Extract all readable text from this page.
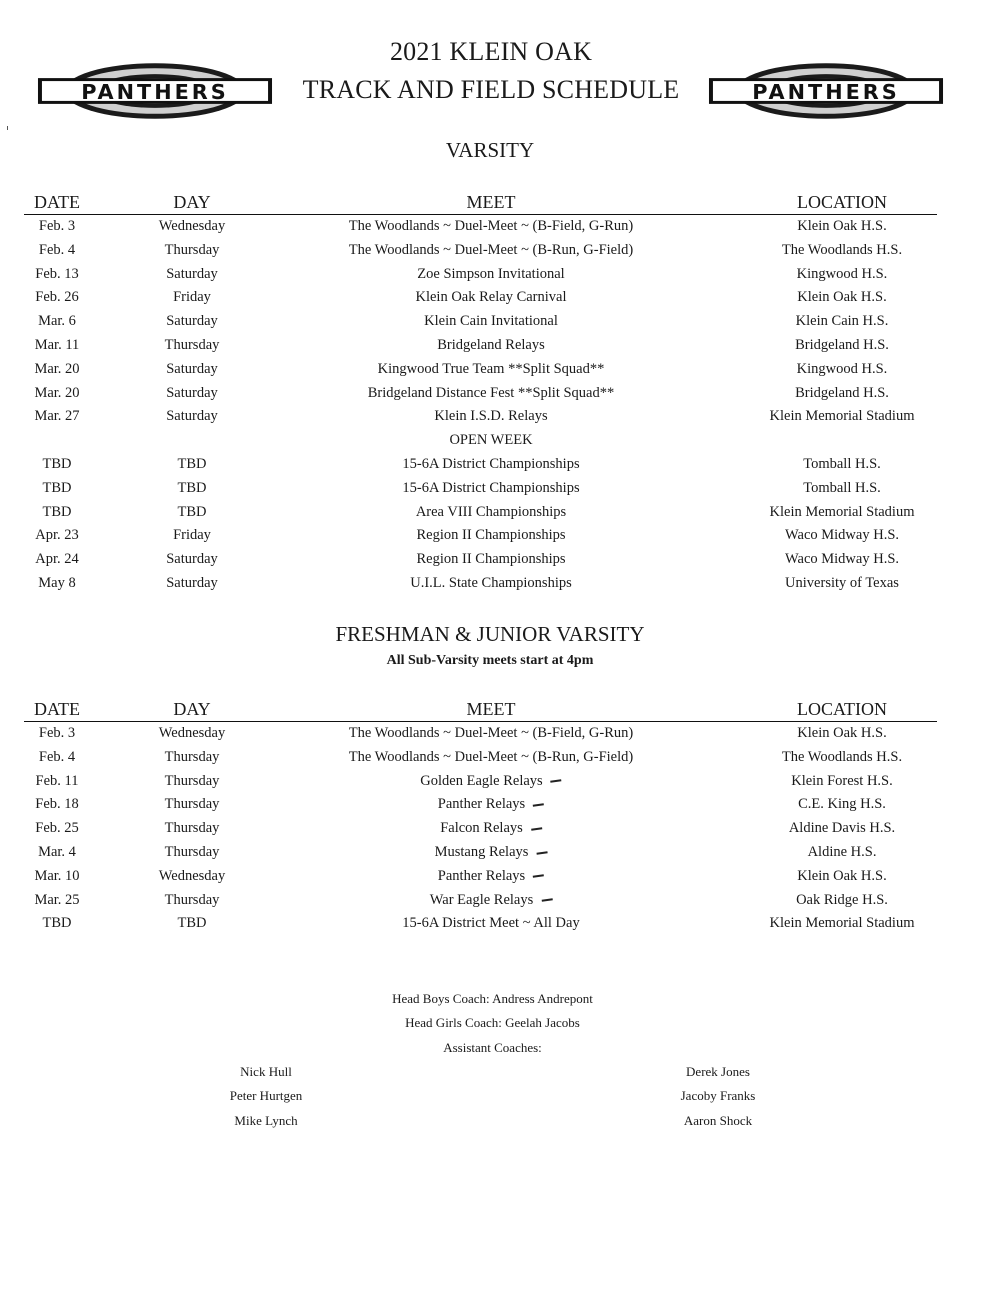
PANTHERS	PANTHERS
2021 KLEIN OAK
TRACK AND FIELD SCHEDULE
VARSITY
DATE	DAY	MEET	LOCATION
Feb. 3	Wednesday	The Woodlands ~ Duel-Meet ~ (B-Field, G-Run)	Klein Oak H.S.
Feb. 4	Thursday	The Woodlands ~ Duel-Meet ~ (B-Run, G-Field)	The Woodlands H.S.
Feb. 13	Saturday	Zoe Simpson Invitational	Kingwood H.S.
Feb. 26	Friday	Klein Oak Relay Carnival	Klein Oak H.S.
Mar. 6	Saturday	Klein Cain Invitational	Klein Cain H.S.
Mar. 11	Thursday	Bridgeland Relays	Bridgeland H.S.
Mar. 20	Saturday	Kingwood True Team **Split Squad**	Kingwood H.S.
Mar. 20	Saturday	Bridgeland Distance Fest **Split Squad**	Bridgeland H.S.
Mar. 27	Saturday	Klein I.S.D. Relays	Klein Memorial Stadium
OPEN WEEK
TBD	TBD	15-6A District Championships	Tomball H.S.
TBD	TBD	15-6A District Championships	Tomball H.S.
TBD	TBD	Area VIII Championships	Klein Memorial Stadium
Apr. 23	Friday	Region II Championships	Waco Midway H.S.
Apr. 24	Saturday	Region II Championships	Waco Midway H.S.
May 8	Saturday	U.I.L. State Championships	University of Texas
FRESHMAN & JUNIOR VARSITY
All Sub-Varsity meets start at 4pm
DATE	DAY	MEET	LOCATION
Feb. 3	Wednesday	The Woodlands ~ Duel-Meet ~ (B-Field, G-Run)	Klein Oak H.S.
Feb. 4	Thursday	The Woodlands ~ Duel-Meet ~ (B-Run, G-Field)	The Woodlands H.S.
Feb. 11	Thursday	Golden Eagle Relays	Klein Forest H.S.
Feb. 18	Thursday	Panther Relays	C.E. King H.S.
Feb. 25	Thursday	Falcon Relays	Aldine Davis H.S.
Mar. 4	Thursday	Mustang Relays	Aldine H.S.
Mar. 10	Wednesday	Panther Relays	Klein Oak H.S.
Mar. 25	Thursday	War Eagle Relays	Oak Ridge H.S.
TBD	TBD	15-6A District Meet ~ All Day	Klein Memorial Stadium
Head Boys Coach: Andress Andrepont
Head Girls Coach: Geelah Jacobs
Assistant Coaches:
Nick Hull
Peter Hurtgen
Mike Lynch
Derek Jones
Jacoby Franks
Aaron Shock
